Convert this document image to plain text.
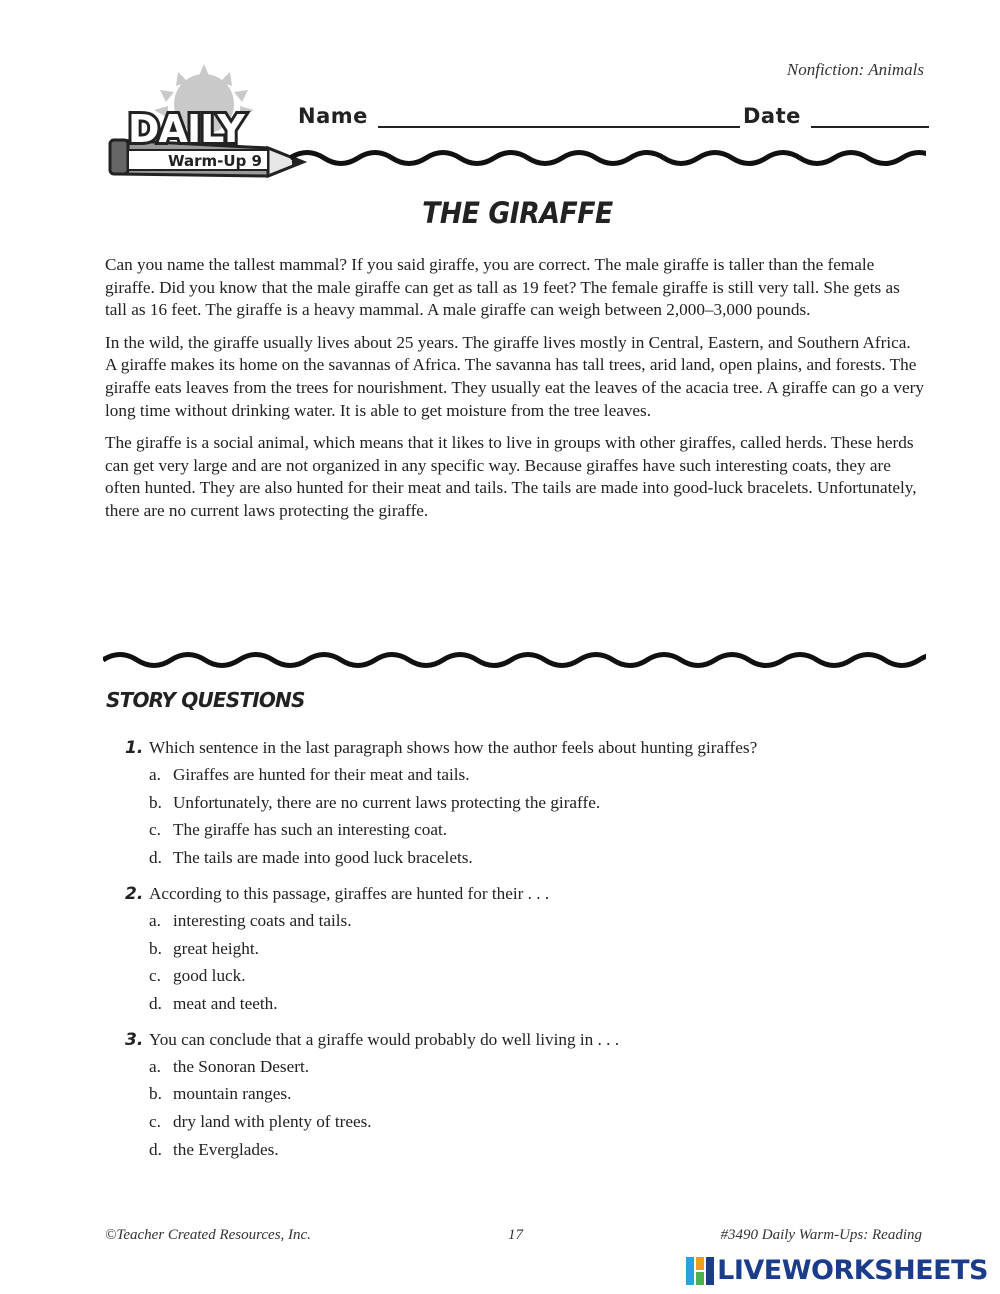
Nonfiction: Animals
Warm-Up 9
DAILY	Name	Date
THE GIRAFFE

Can you name the tallest mammal? If you said giraffe, you are correct. The male giraffe is taller than the female giraffe. Did you know that the male giraffe can get as tall as 19 feet? The female giraffe is still very tall. She gets as tall as 16 feet. The giraffe is a heavy mammal. A male giraffe can weigh between 2,000–3,000 pounds.

In the wild, the giraffe usually lives about 25 years. The giraffe lives mostly in Central, Eastern, and Southern Africa. A giraffe makes its home on the savannas of Africa. The savanna has tall trees, arid land, open plains, and forests. The giraffe eats leaves from the trees for nourishment. They usually eat the leaves of the acacia tree. A giraffe can go a very long time without drinking water. It is able to get moisture from the tree leaves.

The giraffe is a social animal, which means that it likes to live in groups with other giraffes, called herds. These herds can get very large and are not organized in any specific way. Because giraffes have such interesting coats, they are often hunted. They are also hunted for their meat and tails. The tails are made into good-luck bracelets. Unfortunately, there are no current laws protecting the giraffe.

STORY QUESTIONS
1. Which sentence in the last paragraph shows how the author feels about hunting giraffes?
a. Giraffes are hunted for their meat and tails.
b. Unfortunately, there are no current laws protecting the giraffe.
c. The giraffe has such an interesting coat.
d. The tails are made into good luck bracelets.
2. According to this passage, giraffes are hunted for their . . .
a. interesting coats and tails.
b. great height.
c. good luck.
d. meat and teeth.
3. You can conclude that a giraffe would probably do well living in . . .
a. the Sonoran Desert.
b. mountain ranges.
c. dry land with plenty of trees.
d. the Everglades.
©Teacher Created Resources, Inc.	17	#3490 Daily Warm-Ups: Reading
LIVEWORKSHEETS
